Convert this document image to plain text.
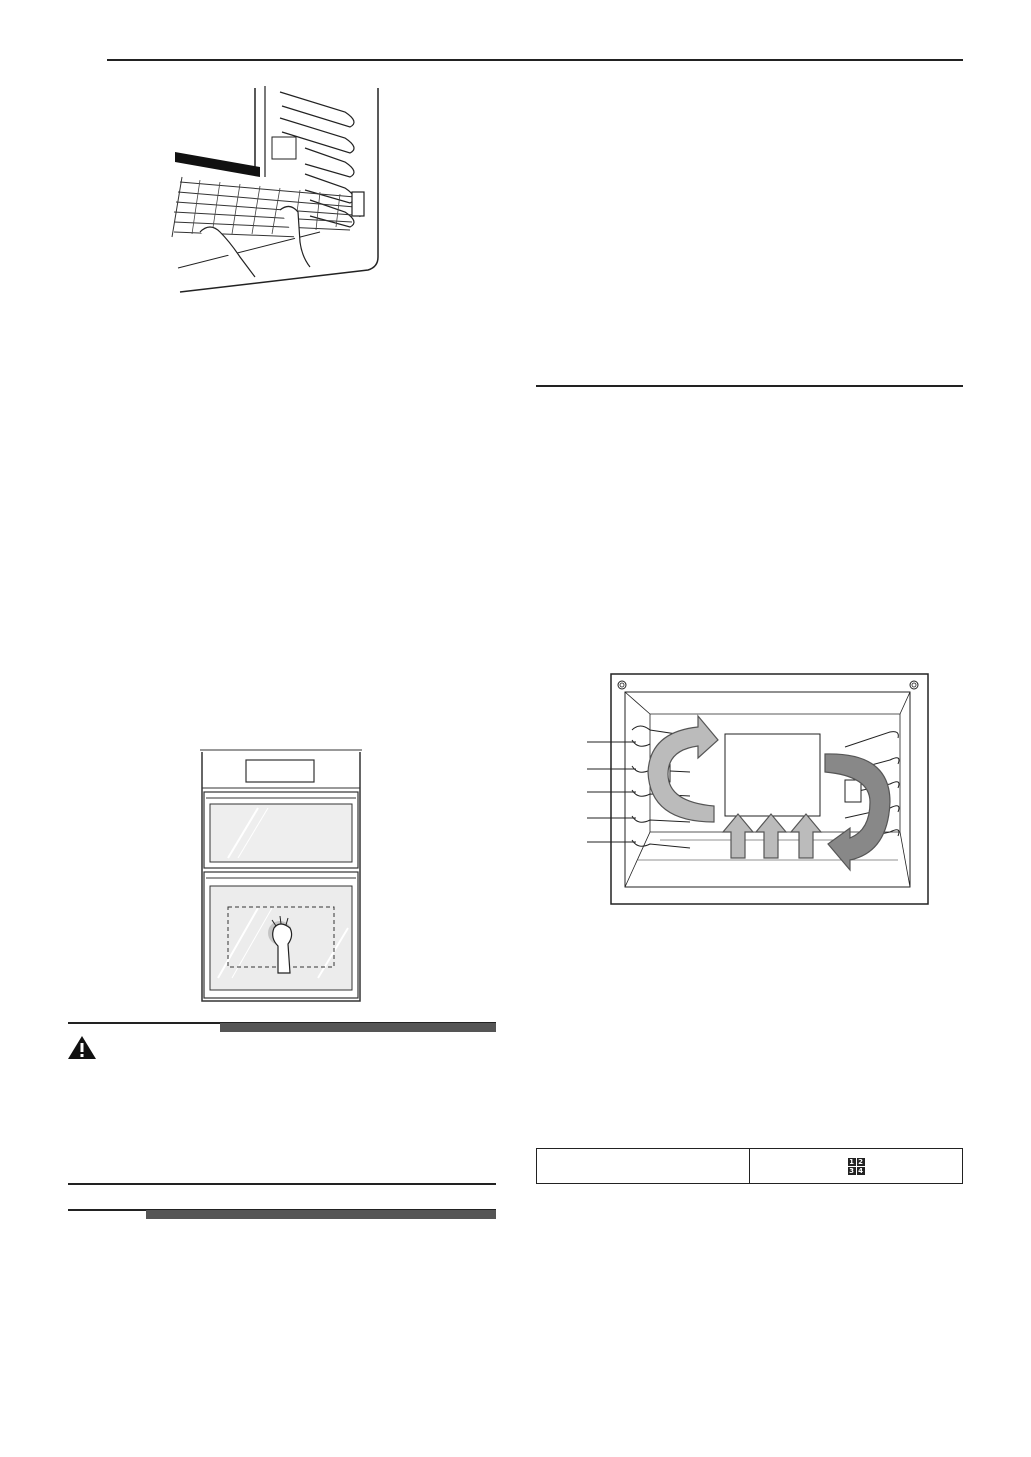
1 2
3 4
